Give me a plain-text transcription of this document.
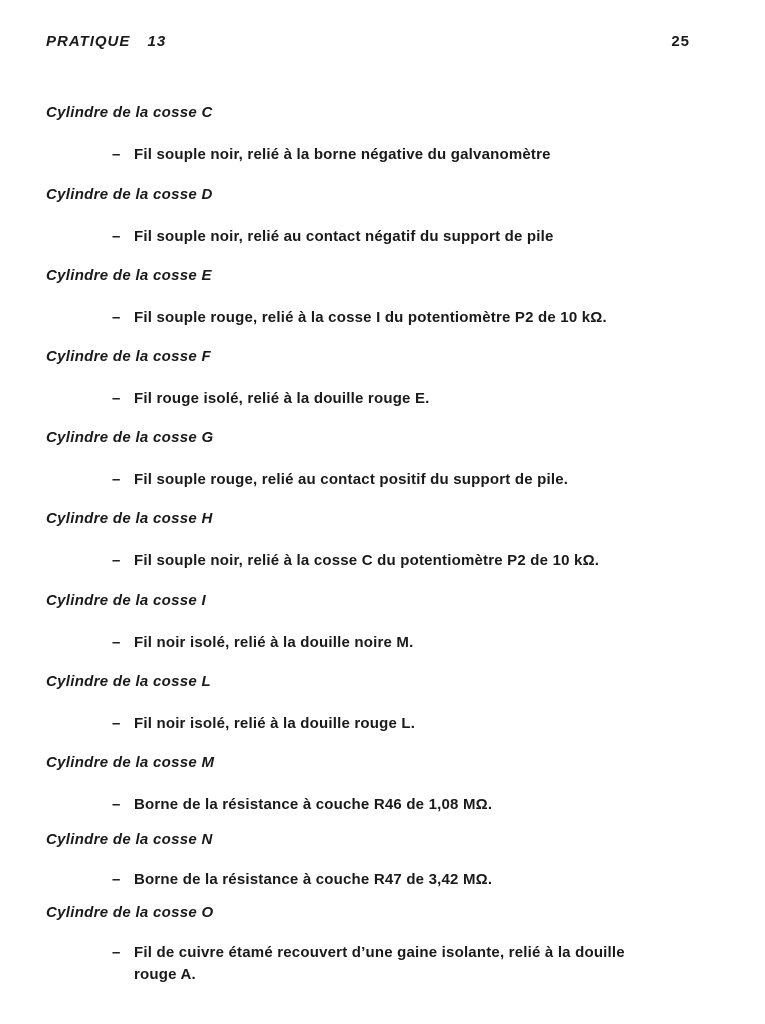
PRATIQUE 13	25
Cylindre de la cosse C
– Fil souple noir, relié à la borne négative du galvanomètre
Cylindre de la cosse D
– Fil souple noir, relié au contact négatif du support de pile
Cylindre de la cosse E
– Fil souple rouge, relié à la cosse I du potentiomètre P2 de 10 kΩ.
Cylindre de la cosse F
– Fil rouge isolé, relié à la douille rouge E.
Cylindre de la cosse G
– Fil souple rouge, relié au contact positif du support de pile.
Cylindre de la cosse H
– Fil souple noir, relié à la cosse C du potentiomètre P2 de 10 kΩ.
Cylindre de la cosse I
– Fil noir isolé, relié à la douille noire M.
Cylindre de la cosse L
– Fil noir isolé, relié à la douille rouge L.
Cylindre de la cosse M
– Borne de la résistance à couche R46 de 1,08 MΩ.
Cylindre de la cosse N
– Borne de la résistance à couche R47 de 3,42 MΩ.
Cylindre de la cosse O
– Fil de cuivre étamé recouvert d’une gaine isolante, relié à la douille
rouge A.
